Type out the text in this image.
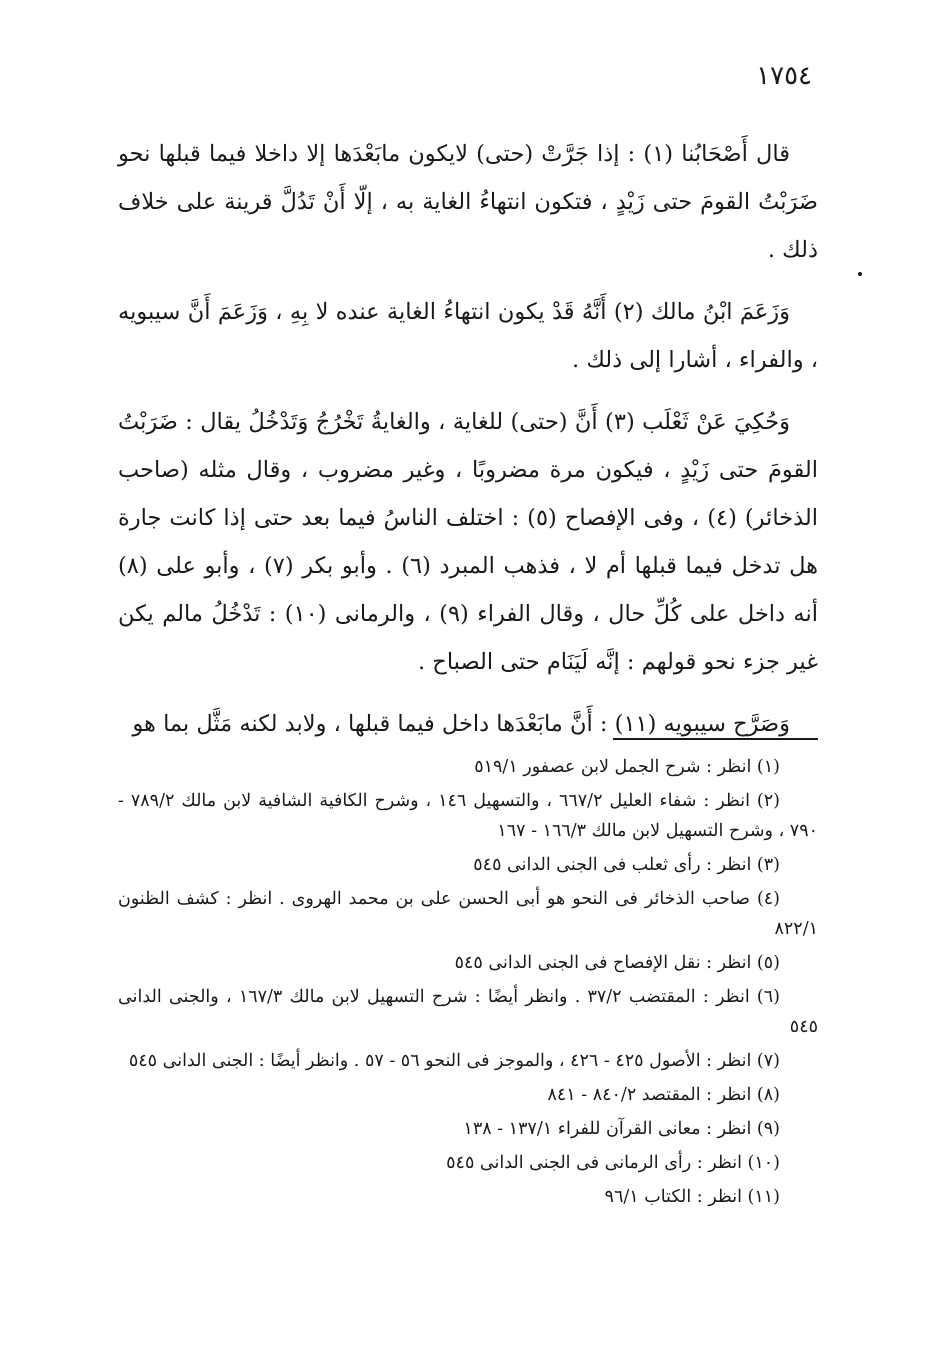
١٧٥٤

قال أَصْحَابُنا (١) : إذا جَرَّتْ (حتى) لايكون مابَعْدَها إلا داخلا فيما قبلها نحو ضَرَبْتُ القومَ حتى زَيْدٍ ، فتكون انتهاءُ الغاية به ، إلّا أَنْ تَدُلَّ قرينة على خلاف ذلك .

وَزَعَمَ ابْنُ مالك (٢) أَنَّهُ قَدْ يكون انتهاءُ الغاية عنده لا بِهِ ، وَزَعَمَ أَنَّ سيبويه ، والفراء ، أشارا إلى ذلك .

وَحُكِيَ عَنْ ثَعْلَب (٣) أَنَّ (حتى) للغاية ، والغايةُ تَخْرُجُ وَتَدْخُلُ يقال : ضَرَبْتُ القومَ حتى زَيْدٍ ، فيكون مرة مضروبًا ، وغير مضروب ، وقال مثله (صاحب الذخائر) (٤) ، وفى الإفصاح (٥) : اختلف الناسُ فيما بعد حتى إذا كانت جارة هل تدخل فيما قبلها أم لا ، فذهب المبرد (٦) . وأبو بكر (٧) ، وأبو على (٨) أنه داخل على كُلِّ حال ، وقال الفراء (٩) ، والرمانى (١٠) : تَدْخُلُ مالم يكن غير جزء نحو قولهم : إنَّه لَيَنَام حتى الصباح .

وَصَرَّح سيبويه (١١) : أَنَّ مابَعْدَها داخل فيما قبلها ، ولابد لكنه مَثَّل بما هو

(١) انظر : شرح الجمل لابن عصفور ٥١٩/١

(٢) انظر : شفاء العليل ٦٦٧/٢ ، والتسهيل ١٤٦ ، وشرح الكافية الشافية لابن مالك ٧٨٩/٢ - ٧٩٠ ، وشرح التسهيل لابن مالك ١٦٦/٣ - ١٦٧

(٣) انظر : رأى ثعلب فى الجنى الدانى ٥٤٥

(٤) صاحب الذخائر فى النحو هو أبى الحسن على بن محمد الهروى . انظر : كشف الظنون ٨٢٢/١

(٥) انظر : نقل الإفصاح فى الجنى الدانى ٥٤٥

(٦) انظر : المقتضب ٣٧/٢ . وانظر أيضًا : شرح التسهيل لابن مالك ١٦٧/٣ ، والجنى الدانى ٥٤٥

(٧) انظر : الأصول ٤٢٥ - ٤٢٦ ، والموجز فى النحو ٥٦ - ٥٧ . وانظر أيضًا : الجنى الدانى ٥٤٥

(٨) انظر : المقتصد ٨٤٠/٢ - ٨٤١

(٩) انظر : معانى القرآن للفراء ١٣٧/١ - ١٣٨

(١٠) انظر : رأى الرمانى فى الجنى الدانى ٥٤٥

(١١) انظر : الكتاب ٩٦/١
